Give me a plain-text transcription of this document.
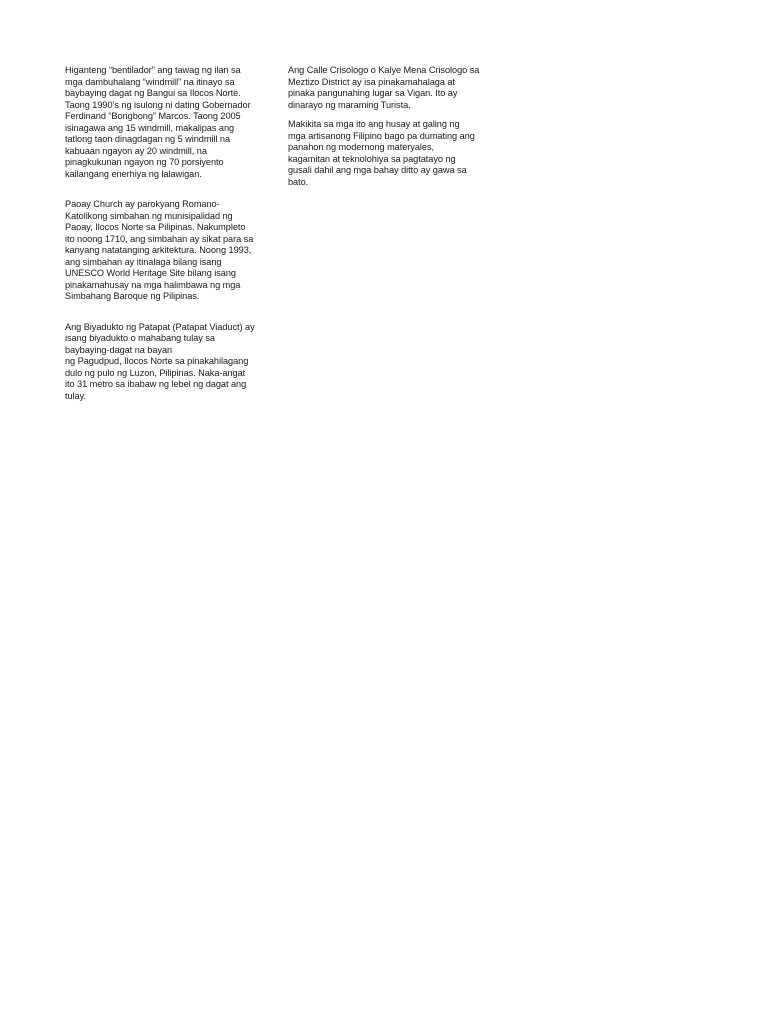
Higanteng “bentilador” ang tawag ng ilan sa
mga dambuhalang “windmill” na itinayo sa
baybaying dagat ng Bangui sa Ilocos Norte.
Taong 1990’s ng isulong ni dating Gobernador
Ferdinand “Bongbong” Marcos. Taong 2005
isinagawa ang 15 windmill, makalipas ang
tatlong taon dinagdagan ng 5 windmill na
kabuaan ngayon ay 20 windmill, na
pinagkukunan ngayon ng 70 porsiyento
kailangang enerhiya ng lalawigan.
Paoay Church ay parokyang Romano-
Katolikong simbahan ng munisipalidad ng
Paoay, Ilocos Norte sa Pilipinas. Nakumpleto
ito noong 1710, ang simbahan ay sikat para sa
kanyang natatanging arkitektura. Noong 1993,
ang simbahan ay itinalaga bilang isang
UNESCO World Heritage Site bilang isang
pinakamahusay na mga halimbawa ng mga
Simbahang Baroque ng Pilipinas.
Ang Biyadukto ng Patapat (Patapat Viaduct) ay
isang biyadukto o mahabang tulay sa
baybaying-dagat na bayan
ng Pagudpud, Ilocos Norte sa pinakahilagang
dulo ng pulo ng Luzon, Pilipinas. Naka-angat
ito 31 metro sa ibabaw ng lebel ng dagat ang
tulay.
Ang Calle Crisologo o Kalye Mena Crisologo sa
Meztizo District ay isa pinakamahalaga at
pinaka pangunahing lugar sa Vigan. Ito ay
dinarayo ng maraming Turista.
Makikita sa mga ito ang husay at galing ng
mga artisanong Filipino bago pa dumating ang
panahon ng modernong materyales,
kagamitan at teknolohiya sa pagtatayo ng
gusali dahil ang mga bahay ditto ay gawa sa
bato.
